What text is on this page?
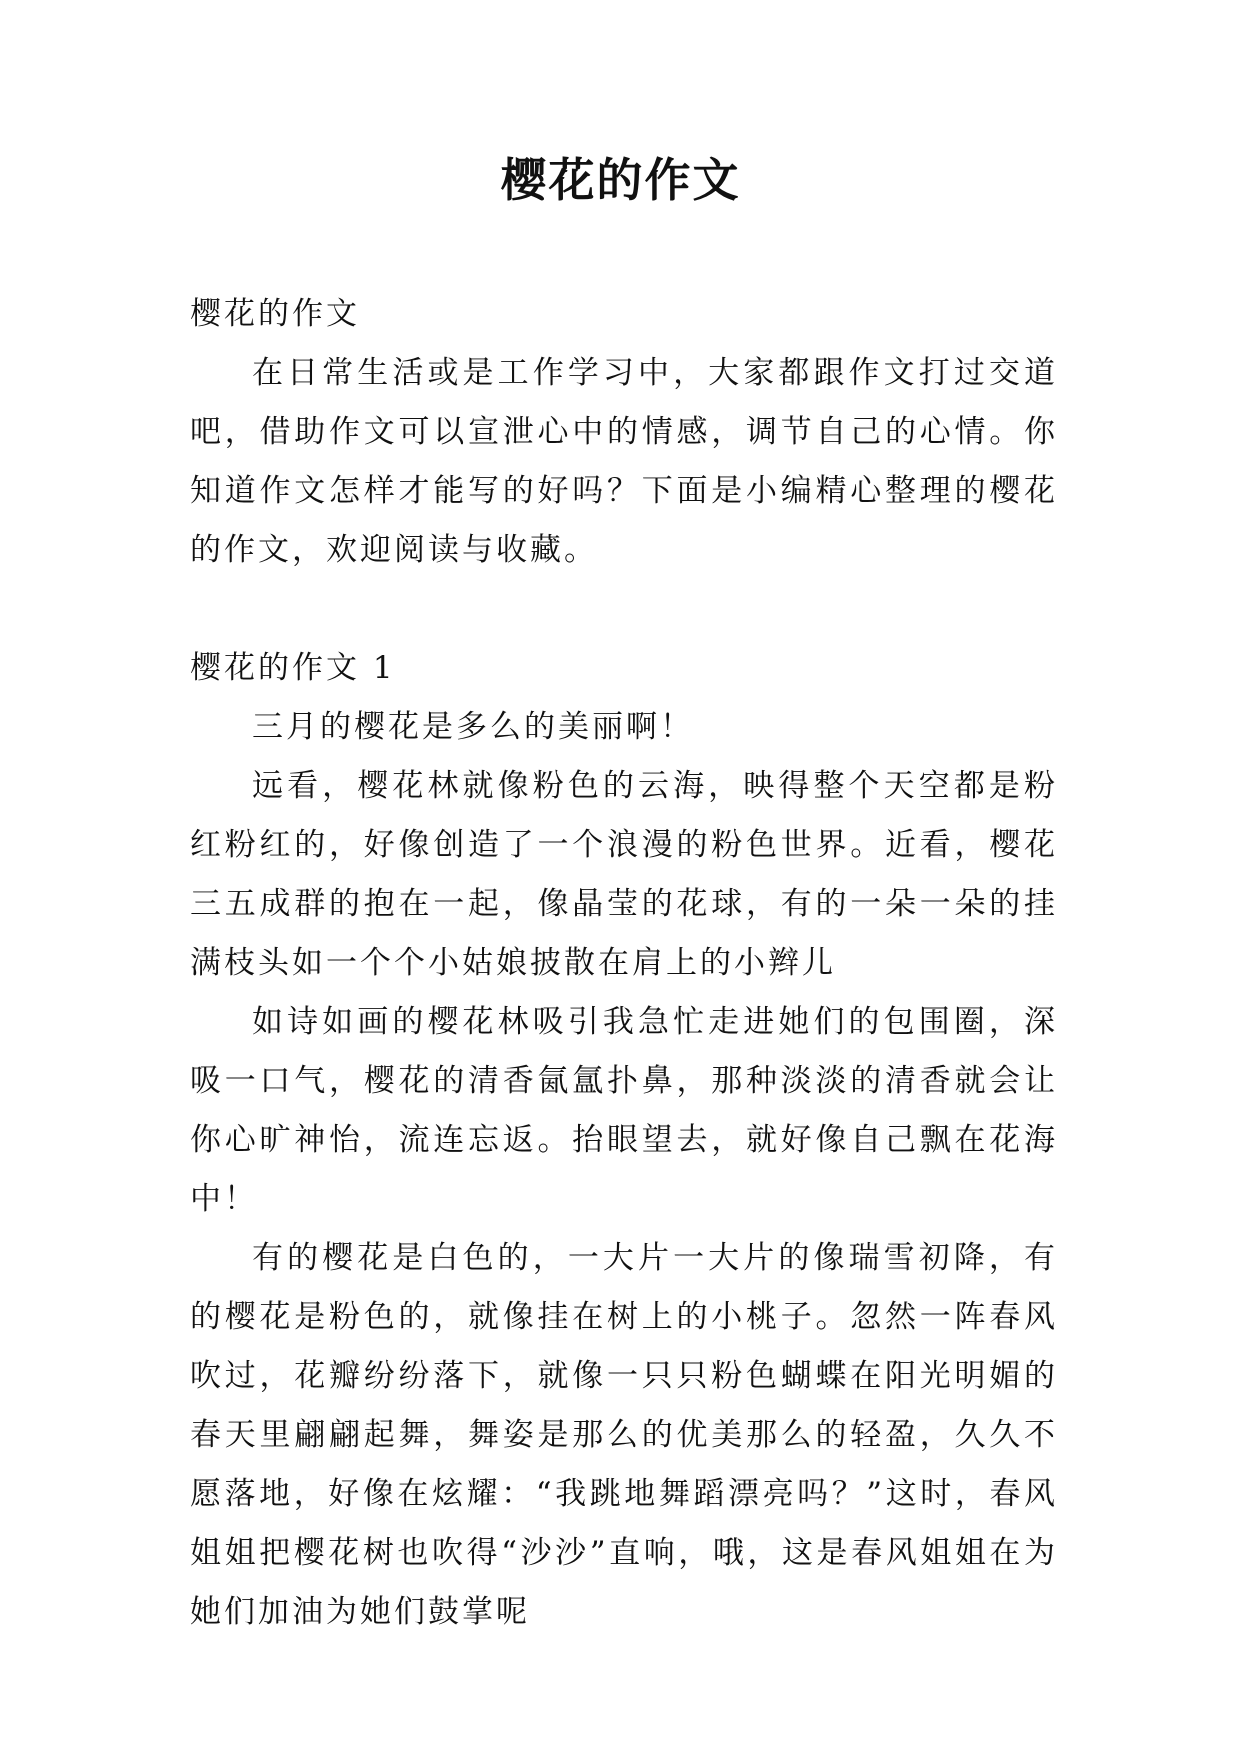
樱花的作文

樱花的作文

在日常生活或是工作学习中，大家都跟作文打过交道吧，借助作文可以宣泄心中的情感，调节自己的心情。你知道作文怎样才能写的好吗？下面是小编精心整理的樱花的作文，欢迎阅读与收藏。

樱花的作文 1

三月的樱花是多么的美丽啊！

远看，樱花林就像粉色的云海，映得整个天空都是粉红粉红的，好像创造了一个浪漫的粉色世界。近看，樱花三五成群的抱在一起，像晶莹的花球，有的一朵一朵的挂满枝头如一个个小姑娘披散在肩上的小辫儿

如诗如画的樱花林吸引我急忙走进她们的包围圈，深吸一口气，樱花的清香氤氲扑鼻，那种淡淡的清香就会让你心旷神怡，流连忘返。抬眼望去，就好像自己飘在花海中！

有的樱花是白色的，一大片一大片的像瑞雪初降，有的樱花是粉色的，就像挂在树上的小桃子。忽然一阵春风吹过，花瓣纷纷落下，就像一只只粉色蝴蝶在阳光明媚的春天里翩翩起舞，舞姿是那么的优美那么的轻盈，久久不愿落地，好像在炫耀：“我跳地舞蹈漂亮吗？”这时，春风姐姐把樱花树也吹得“沙沙”直响，哦，这是春风姐姐在为她们加油为她们鼓掌呢
